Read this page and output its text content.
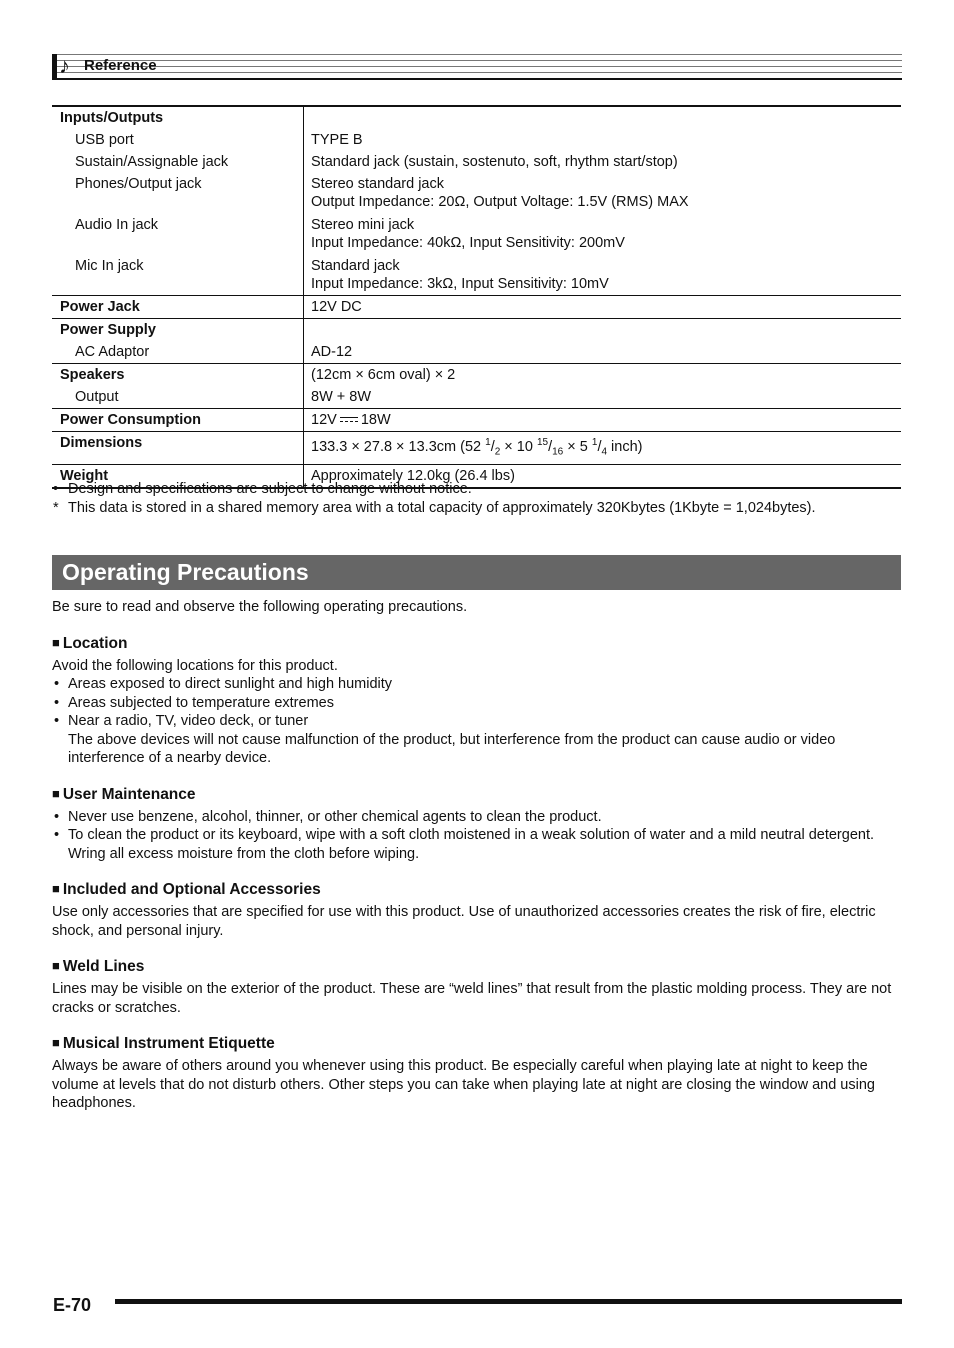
♪ Reference
Inputs/Outputs	
USB port	TYPE B
Sustain/Assignable jack	Standard jack (sustain, sostenuto, soft, rhythm start/stop)
Phones/Output jack	Stereo standard jack
Output Impedance: 20Ω, Output Voltage: 1.5V (RMS) MAX
Audio In jack	Stereo mini jack
Input Impedance: 40kΩ, Input Sensitivity: 200mV
Mic In jack	Standard jack
Input Impedance: 3kΩ, Input Sensitivity: 10mV
Power Jack	12V DC
Power Supply	
AC Adaptor	AD-12
Speakers	(12cm × 6cm oval) × 2
Output	8W + 8W
Power Consumption	12V 18W
Dimensions	133.3 × 27.8 × 13.3cm (52 $^1/_2 \times 10$ $^{15}/_{16} \times 5$ $^1/_4$ inch)
Weight	Approximately 12.0kg (26.4 lbs)
• Design and specifications are subject to change without notice.
* This data is stored in a shared memory area with a total capacity of approximately 320Kbytes (1Kbyte = 1,024bytes).
Operating Precautions

Be sure to read and observe the following operating precautions.

■ Location

Avoid the following locations for this product.

• Areas exposed to direct sunlight and high humidity
• Areas subjected to temperature extremes
• Near a radio, TV, video deck, or tuner
The above devices will not cause malfunction of the product, but interference from the product can cause audio or video interference of a nearby device.
■ User Maintenance
• Never use benzene, alcohol, thinner, or other chemical agents to clean the product.
• To clean the product or its keyboard, wipe with a soft cloth moistened in a weak solution of water and a mild neutral detergent. Wring all excess moisture from the cloth before wiping.
■ Included and Optional Accessories

Use only accessories that are specified for use with this product. Use of unauthorized accessories creates the risk of fire, electric shock, and personal injury.

■ Weld Lines

Lines may be visible on the exterior of the product. These are “weld lines” that result from the plastic molding process. They are not cracks or scratches.

■ Musical Instrument Etiquette

Always be aware of others around you whenever using this product. Be especially careful when playing late at night to keep the volume at levels that do not disturb others. Other steps you can take when playing late at night are closing the window and using headphones.

E-70
